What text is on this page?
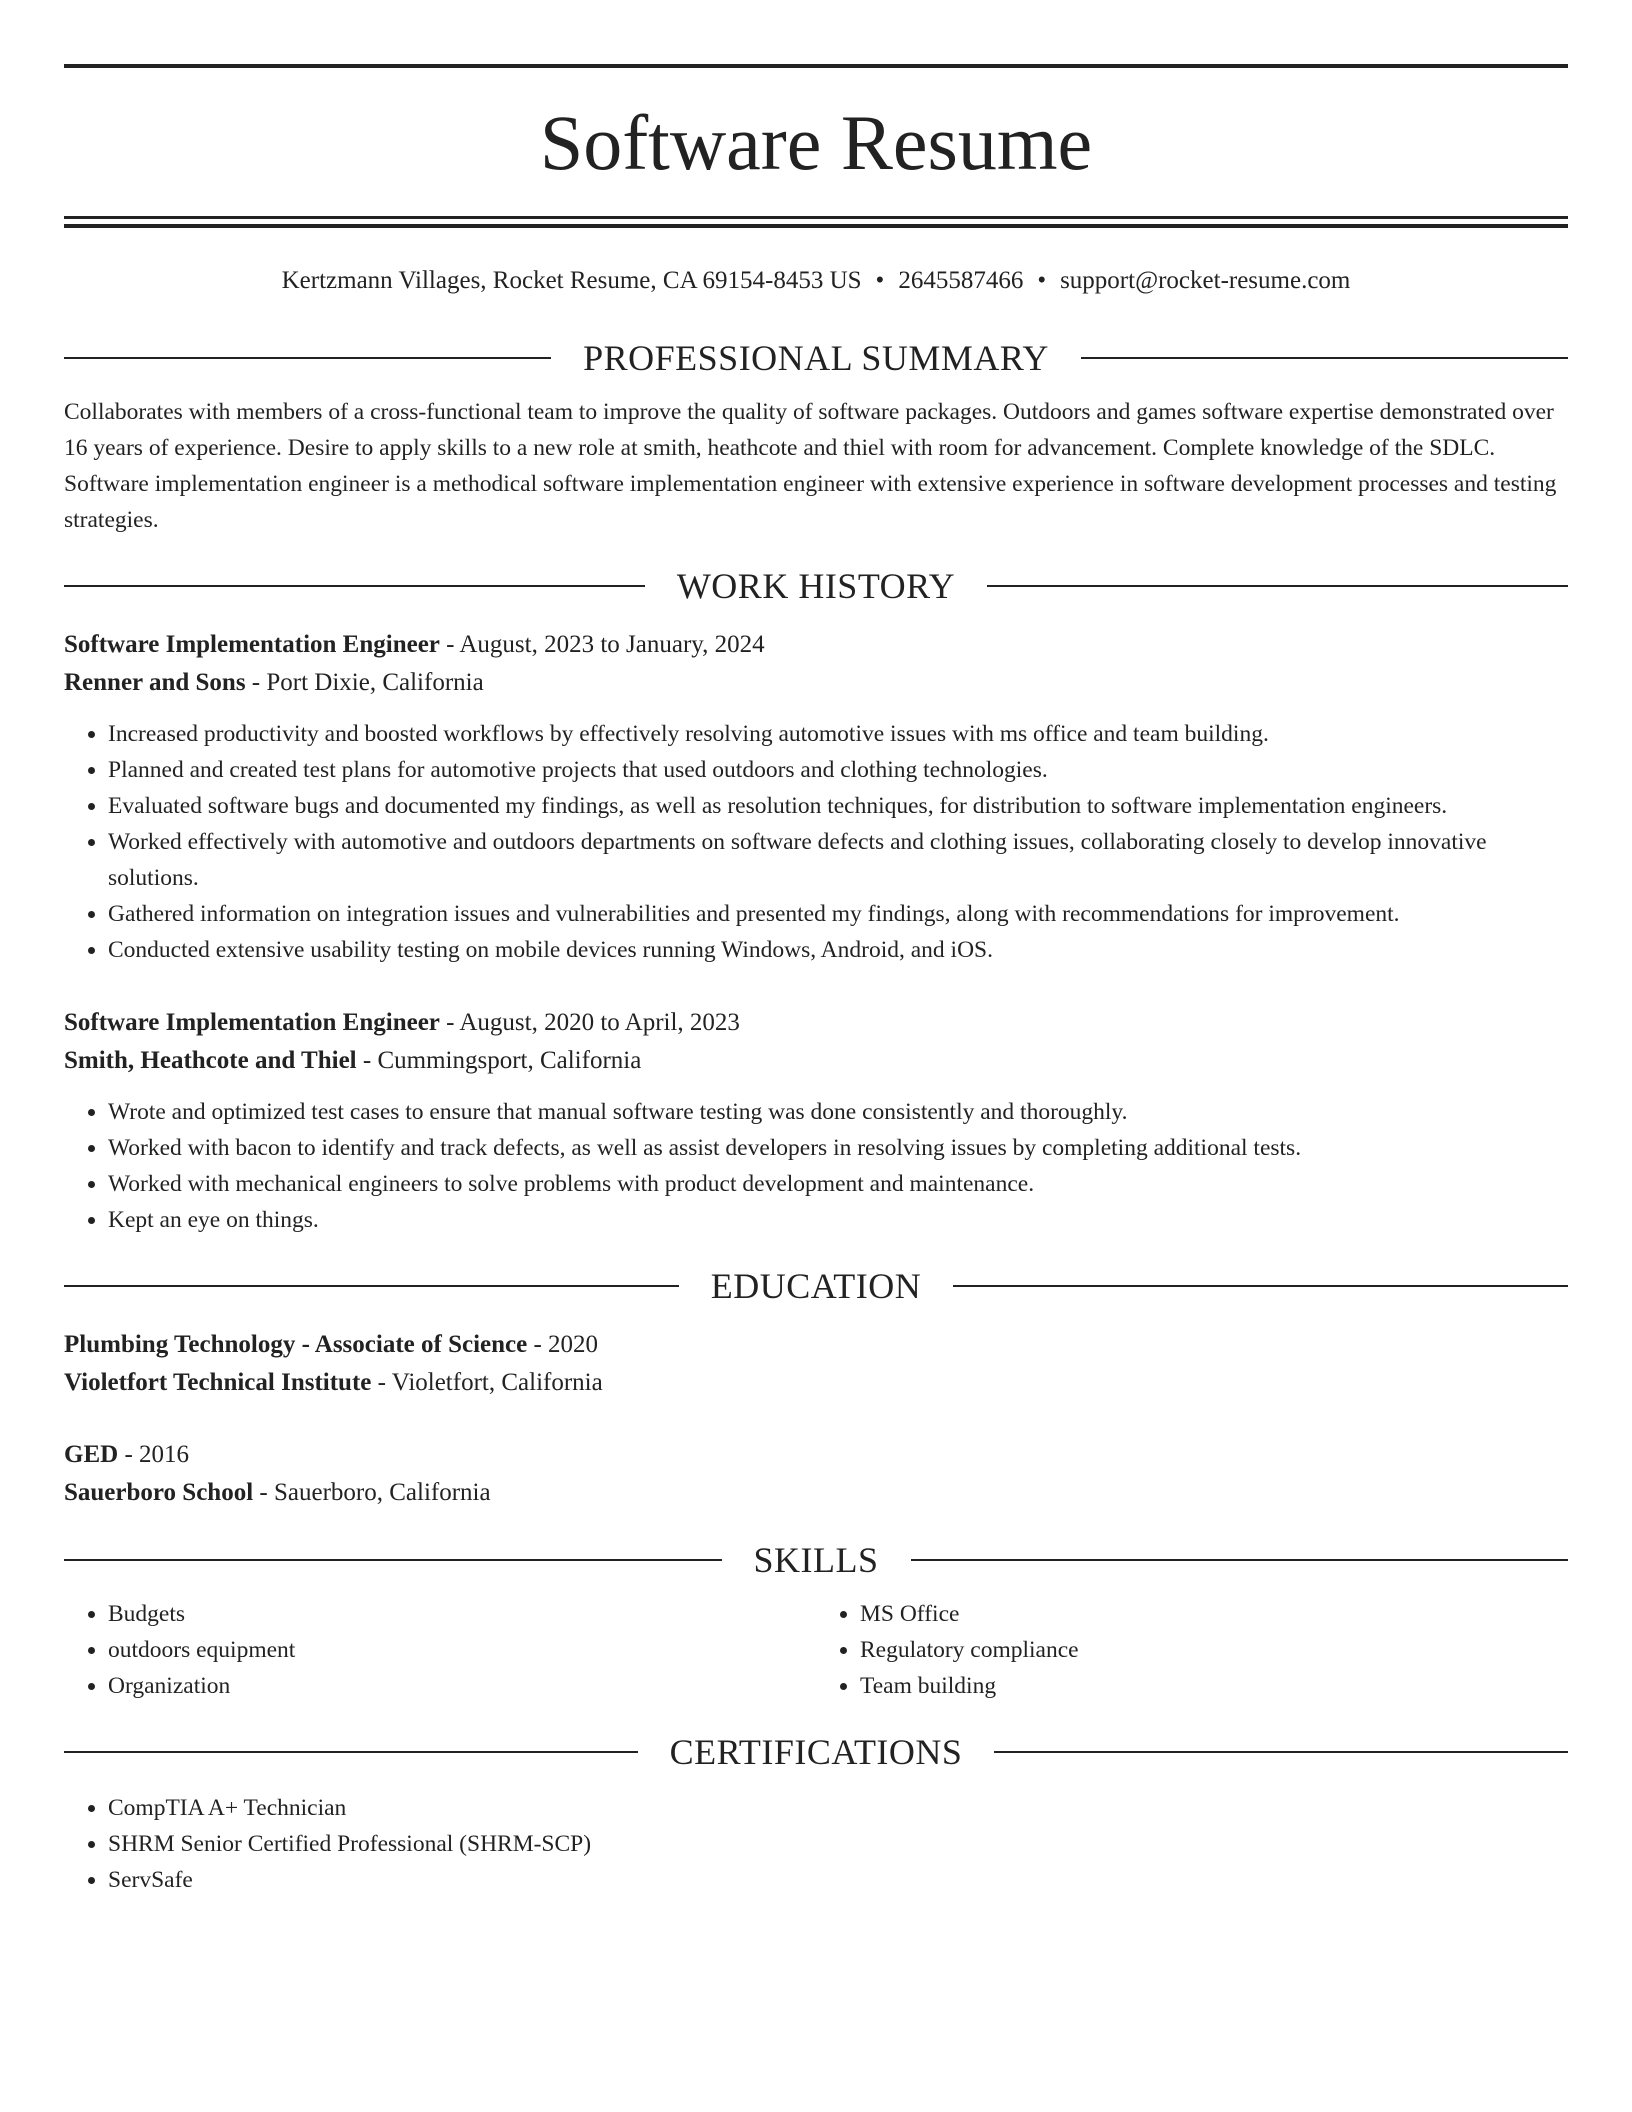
Software Resume
Kertzmann Villages, Rocket Resume, CA 69154-8453 US • 2645587466 • support@rocket-resume.com
PROFESSIONAL SUMMARY
Collaborates with members of a cross-functional team to improve the quality of software packages. Outdoors and games software expertise demonstrated over 16 years of experience. Desire to apply skills to a new role at smith, heathcote and thiel with room for advancement. Complete knowledge of the SDLC. Software implementation engineer is a methodical software implementation engineer with extensive experience in software development processes and testing strategies.
WORK HISTORY
Software Implementation Engineer - August, 2023 to January, 2024
Renner and Sons - Port Dixie, California
• Increased productivity and boosted workflows by effectively resolving automotive issues with ms office and team building.
• Planned and created test plans for automotive projects that used outdoors and clothing technologies.
• Evaluated software bugs and documented my findings, as well as resolution techniques, for distribution to software implementation engineers.
• Worked effectively with automotive and outdoors departments on software defects and clothing issues, collaborating closely to develop innovative solutions.
• Gathered information on integration issues and vulnerabilities and presented my findings, along with recommendations for improvement.
• Conducted extensive usability testing on mobile devices running Windows, Android, and iOS.
Software Implementation Engineer - August, 2020 to April, 2023
Smith, Heathcote and Thiel - Cummingsport, California
• Wrote and optimized test cases to ensure that manual software testing was done consistently and thoroughly.
• Worked with bacon to identify and track defects, as well as assist developers in resolving issues by completing additional tests.
• Worked with mechanical engineers to solve problems with product development and maintenance.
• Kept an eye on things.
EDUCATION
Plumbing Technology - Associate of Science - 2020
Violetfort Technical Institute - Violetfort, California
GED - 2016
Sauerboro School - Sauerboro, California
SKILLS
• Budgets
• outdoors equipment
• Organization
• MS Office
• Regulatory compliance
• Team building
CERTIFICATIONS
• CompTIA A+ Technician
• SHRM Senior Certified Professional (SHRM-SCP)
• ServSafe
